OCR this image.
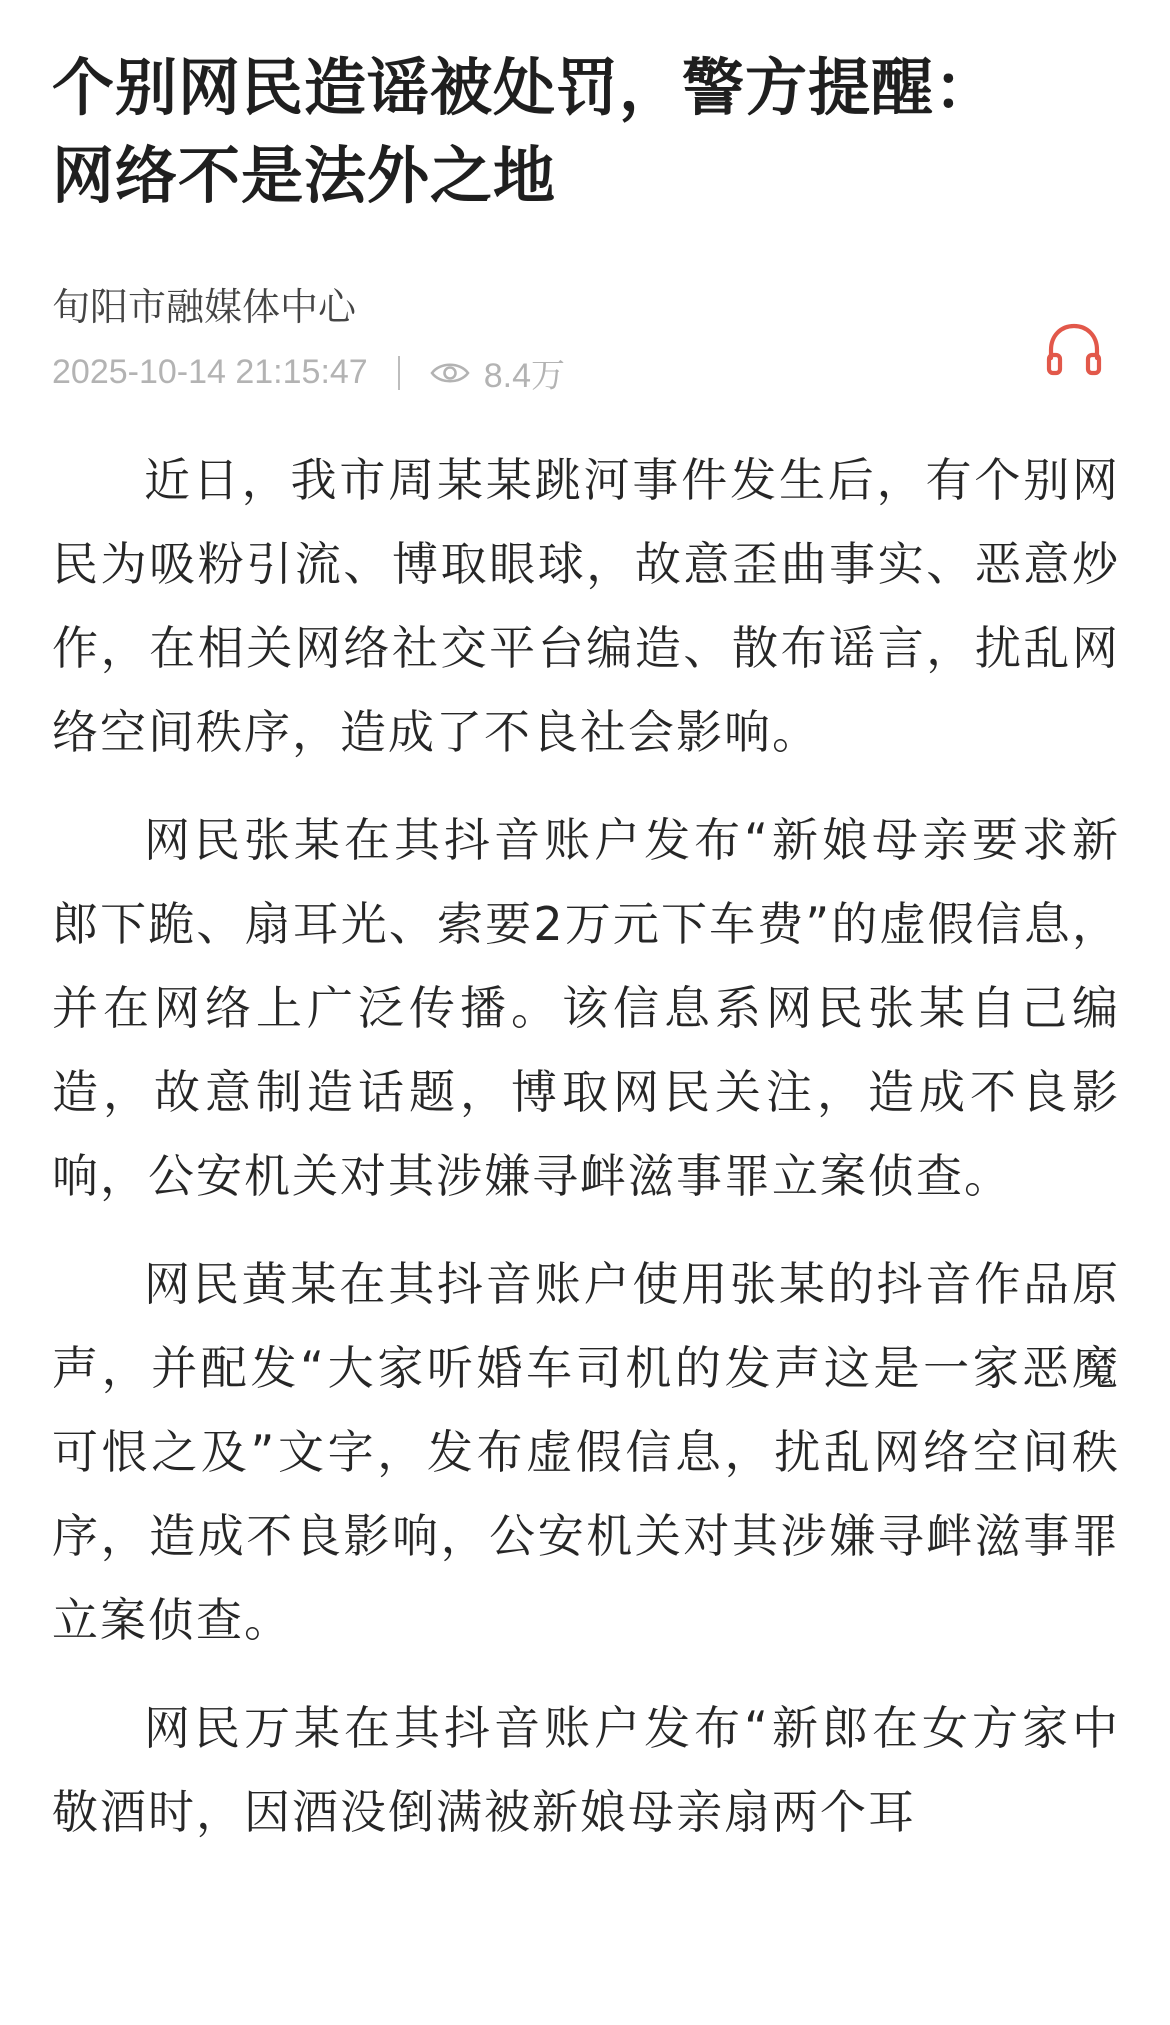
个别网民造谣被处罚，警方提醒：
网络不是法外之地
旬阳市融媒体中心
2025-10-14 21:15:47	8.4万

近日，我市周某某跳河事件发生后，有个别网民为吸粉引流、博取眼球，故意歪曲事实、恶意炒作，在相关网络社交平台编造、散布谣言，扰乱网络空间秩序，造成了不良社会影响。

网民张某在其抖音账户发布“新娘母亲要求新郎下跪、扇耳光、索要2万元下车费”的虚假信息，并在网络上广泛传播。该信息系网民张某自己编造，故意制造话题，博取网民关注，造成不良影响，公安机关对其涉嫌寻衅滋事罪立案侦查。

网民黄某在其抖音账户使用张某的抖音作品原声，并配发“大家听婚车司机的发声这是一家恶魔可恨之及”文字，发布虚假信息，扰乱网络空间秩序，造成不良影响，公安机关对其涉嫌寻衅滋事罪立案侦查。

网民万某在其抖音账户发布“新郎在女方家中敬酒时，因酒没倒满被新娘母亲扇两个耳
